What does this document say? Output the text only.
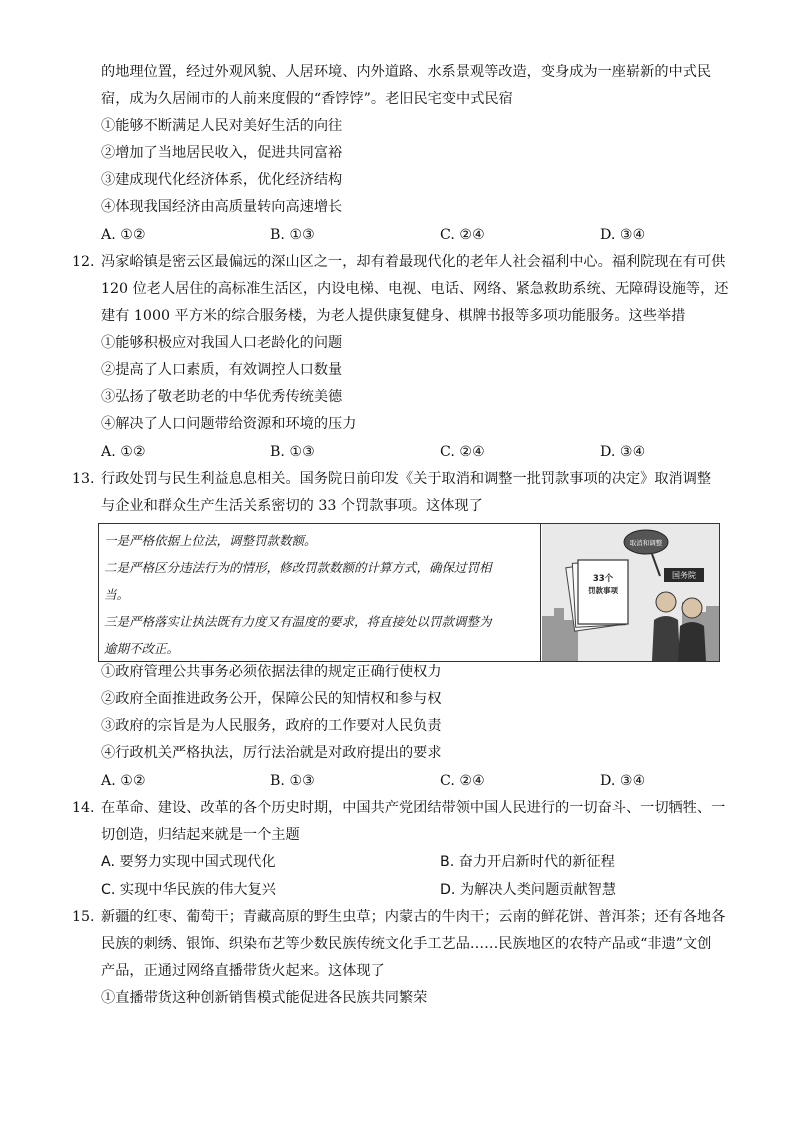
的地理位置，经过外观风貌、人居环境、内外道路、水系景观等改造，变身成为一座崭新的中式民
宿，成为久居闹市的人前来度假的“香饽饽”。老旧民宅变中式民宿
①能够不断满足人民对美好生活的向往
②增加了当地居民收入，促进共同富裕
③建成现代化经济体系，优化经济结构
④体现我国经济由高质量转向高速增长
A. ①②	B. ①③	C. ②④	D. ③④
12. 冯家峪镇是密云区最偏远的深山区之一，却有着最现代化的老年人社会福利中心。福利院现在有可供
120 位老人居住的高标准生活区，内设电梯、电视、电话、网络、紧急救助系统、无障碍设施等，还
建有 1000 平方米的综合服务楼，为老人提供康复健身、棋牌书报等多项功能服务。这些举措
①能够积极应对我国人口老龄化的问题
②提高了人口素质，有效调控人口数量
③弘扬了敬老助老的中华优秀传统美德
④解决了人口问题带给资源和环境的压力
A. ①②	B. ①③	C. ②④	D. ③④
13. 行政处罚与民生利益息息相关。国务院日前印发《关于取消和调整一批罚款事项的决定》取消调整
与企业和群众生产生活关系密切的 33 个罚款事项。这体现了
一是严格依据上位法，调整罚款数额。
二是严格区分违法行为的情形，修改罚款数额的计算方式，确保过罚相
当。
三是严格落实让执法既有力度又有温度的要求，将直接处以罚款调整为
逾期不改正。
33个
罚款事项
取消和调整
国务院
①政府管理公共事务必须依据法律的规定正确行使权力
②政府全面推进政务公开，保障公民的知情权和参与权
③政府的宗旨是为人民服务，政府的工作要对人民负责
④行政机关严格执法，厉行法治就是对政府提出的要求
A. ①②	B. ①③	C. ②④	D. ③④
14. 在革命、建设、改革的各个历史时期，中国共产党团结带领中国人民进行的一切奋斗、一切牺牲、一
切创造，归结起来就是一个主题
A. 要努力实现中国式现代化	B. 奋力开启新时代的新征程
C. 实现中华民族的伟大复兴	D. 为解决人类问题贡献智慧
15. 新疆的红枣、葡萄干；青藏高原的野生虫草；内蒙古的牛肉干；云南的鲜花饼、普洱茶；还有各地各
民族的刺绣、银饰、织染布艺等少数民族传统文化手工艺品……民族地区的农特产品或“非遗”文创
产品，正通过网络直播带货火起来。这体现了
①直播带货这种创新销售模式能促进各民族共同繁荣
